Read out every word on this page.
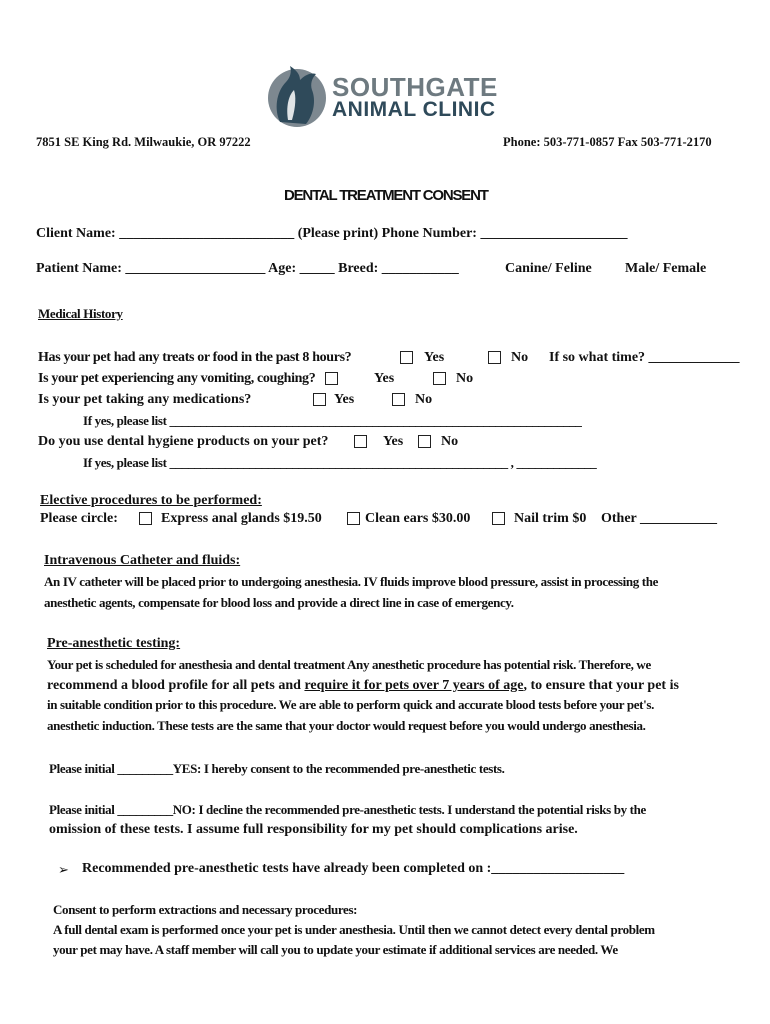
SOUTHGATE
ANIMAL CLINIC
7851 SE King Rd. Milwaukie, OR 97222	Phone: 503-771-0857 Fax 503-771-2170
DENTAL TREATMENT CONSENT
Client Name: _________________________ (Please print) Phone Number: _____________________
Patient Name: ____________________ Age: _____ Breed: ___________	Canine/ Feline Male/ Female
Medical History
Has your pet had any treats or food in the past 8 hours?	Yes	No If so what time? _____________
Is your pet experiencing any vomiting, coughing?	Yes	No
Is your pet taking any medications?	Yes	No
If yes, please list ___________________________________________________________________
Do you use dental hygiene products on your pet?	Yes	No
If yes, please list _______________________________________________________ , _____________
Elective procedures to be performed:
Please circle:	Express anal glands $19.50	Clean ears $30.00	Nail trim $0 Other ___________
Intravenous Catheter and fluids:
An IV catheter will be placed prior to undergoing anesthesia. IV fluids improve blood pressure, assist in processing the
anesthetic agents, compensate for blood loss and provide a direct line in case of emergency.
Pre-anesthetic testing:
Your pet is scheduled for anesthesia and dental treatment Any anesthetic procedure has potential risk. Therefore, we
recommend a blood profile for all pets and require it for pets over 7 years of age, to ensure that your pet is
in suitable condition prior to this procedure. We are able to perform quick and accurate blood tests before your pet's.
anesthetic induction. These tests are the same that your doctor would request before you would undergo anesthesia.
Please initial _________YES: I hereby consent to the recommended pre-anesthetic tests.
Please initial _________NO: I decline the recommended pre-anesthetic tests. I understand the potential risks by the
omission of these tests. I assume full responsibility for my pet should complications arise.
➢ Recommended pre-anesthetic tests have already been completed on :___________________
Consent to perform extractions and necessary procedures:
A full dental exam is performed once your pet is under anesthesia. Until then we cannot detect every dental problem
your pet may have. A staff member will call you to update your estimate if additional services are needed. We
